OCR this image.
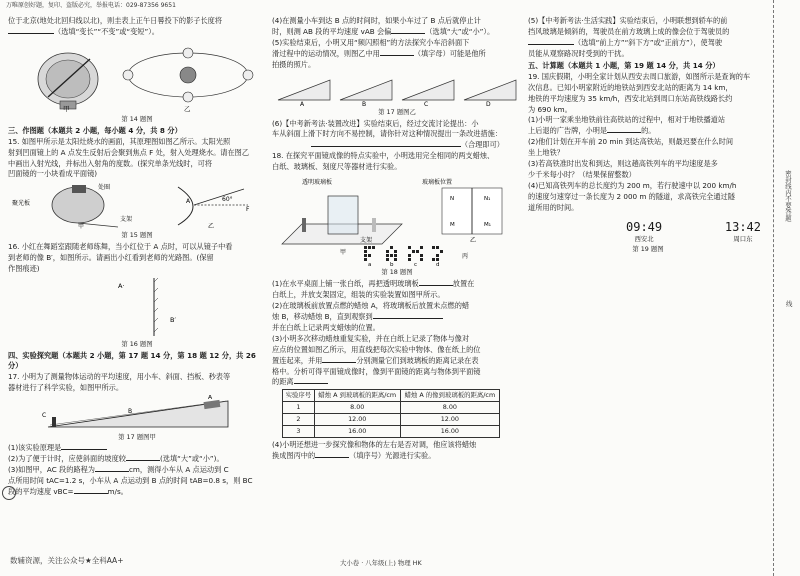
万唯原创好题，复印、盗版必究，举报电话：029-87356 9651

位于北京(地处北回归线以北)，则圭表上正午日晷投下的影子长度将

（选填“变长”“不变”或“变短”）。

甲	乙
第 14 题图
三、作图题（本题共 2 小题，每小题 4 分，共 8 分）

15. 如图甲所示是太阳灶烧水的画面，其原理图如图乙所示。太阳光照

射到凹面镜上的 A 点发生反射后会聚到焦点 F 处，射入处理烧水。请在图乙

中画出入射光线，并标出入射角的度数。(探究单条光线时，可将

凹面镜的一小块看成平面镜)

处圈
聚光板
支架
甲
60°
F
A
乙
第 15 题图

16. 小红在舞蹈室跟随老师练舞，当小红位于 A 点时，可以从镜子中看

到老师的像 B′，如图所示。请画出小红看到老师的光路图。(保留

作图痕迹)

A·
B′
第 16 题图
四、实验探究题（本题共 2 小题，第 17 题 14 分，第 18 题 12 分，共 26 分）

17. 小明为了测量物体运动的平均速度，用小车、斜面、挡板、秒表等

器材进行了科学实验，如图甲所示。

C
B
A
第 17 题图甲

(1)该实验原理是

(2)为了便于计时，应使斜面的坡度较	(选填“大”或“小”)。

(3)如图甲，AC 段的路程为	cm，测得小车从 A 点运动到 C

点所用时间 tAC=1.2 s，小车从 A 点运动到 B 点的时间 tAB=0.8 s，则 BC

段的平均速度 vBC=	m/s。

(4)在测量小车到达 B 点的时间时，如果小车过了 B 点后就停止计

时，则测 AB 段的平均速度 vAB 会偏	（选填“大”或“小”）。

(5)实验结束后，小明又用“频闪照相”的方法探究小车沿斜面下

滑过程中的运动情况，则图乙中用	（填字母）可能是他所

拍摄的照片。

A	B	C	D
第 17 题图乙

(6)【中考新考法·装置改进】实验结束后，经过交流讨论提出：小

车从斜面上滑下时方向不易控制，请你针对这种情况提出一条改进措施：

（合理即可）

18. 在探究平面镜成像的特点实验中，小明选用完全相同的两支蜡烛、

白纸、玻璃板、刻度尺等器材进行实验。

透明玻璃板
支架
甲
玻璃板位置
N	N₁
M	M₁
乙
a	b	c	d
丙
第 18 题图

(1)在水平桌面上铺一张白纸，再把透明玻璃板	放置在

白纸上，并放支架固定，组装的实验装置如图甲所示。

(2)在玻璃板前放置点燃的蜡烛 A，将玻璃板后放置未点燃的蜡

烛 B，移动蜡烛 B，直到观察到

并在白纸上记录两支蜡烛的位置。

(3)小明多次移动蜡烛重复实验，并在白纸上记录了物体与像对

应点的位置如图乙所示，用直线把每次实验中物体、像在纸上的位

置连起来，并用	分别测量它们到玻璃板的距离记录在表

格中。分析可得平面镜成像时，像到平面镜的距离与物体到平面镜

的距离

实验序号	蜡烛 A 到玻璃板的距离/cm	蜡烛 A 的像到玻璃板的距离/cm
1	8.00	8.00
2	12.00	12.00
3	16.00	16.00

(4)小明还想进一步探究像和物体的左右是否对调，他应该将蜡烛

换成图丙中的	（填序号）光源进行实验。

(5)【中考新考法·生活实践】实验结束后，小明联想到轿车的前

挡风玻璃是倾斜的，驾驶员在前方玻璃上成的像会位于驾驶员的

（选填“前上方”“斜下方”或“正前方”），使驾驶

员能从观察路况时受到的干扰。

五、计算题（本题共 1 小题，第 19 题 14 分，共 14 分）

19. 国庆假期，小明全家计划从西安去周口旅游，如图所示是查询的车

次信息。已知小明家附近的地铁站到西安北站的距离为 14 km，

地铁的平均速度为 35 km/h，西安北站到周口东站高铁线路长约

为 690 km。

(1)小明一家乘坐地铁前往高铁站的过程中，相对于地铁播道站

上后退的广告牌，小明是	的。

(2)他们计划在开车前 20 min 到达高铁站，则最迟要在什么时间

坐上地铁？

(3)若高铁准时出发和到达，则这趟高铁列车的平均速度是多

少千米每小时？（结果保留整数）

(4)已知高铁列车的总长度约为 200 m，若行驶速中以 200 km/h

的速度匀速穿过一条长度为 2 000 m 的隧道，求高铁完全通过隧

道所用的时间。

09:49
西安北
13:42
周口东
第 19 题图
密封线内不要答题
线
数辅资源，关注公众号★全科AA+	大小卷 · 八年级(上) 物理 HK
